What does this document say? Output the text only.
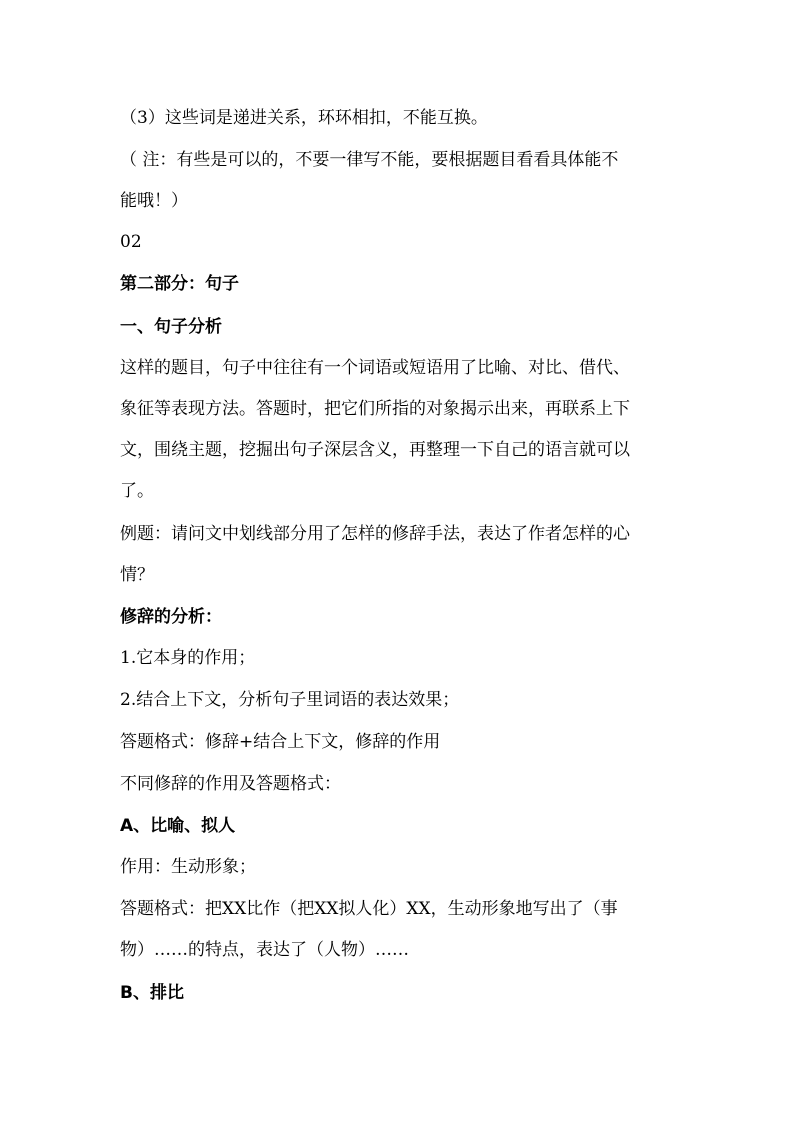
（3）这些词是递进关系，环环相扣，不能互换。
（ 注：有些是可以的，不要一律写不能，要根据题目看看具体能不
能哦！）
02
第二部分：句子
一、句子分析
这样的题目，句子中往往有一个词语或短语用了比喻、对比、借代、
象征等表现方法。答题时，把它们所指的对象揭示出来，再联系上下
文，围绕主题，挖掘出句子深层含义，再整理一下自己的语言就可以
了。
例题：请问文中划线部分用了怎样的修辞手法，表达了作者怎样的心
情？
修辞的分析：
1.它本身的作用；
2.结合上下文，分析句子里词语的表达效果；
答题格式：修辞+结合上下文，修辞的作用
不同修辞的作用及答题格式：
A、比喻、拟人
作用：生动形象；
答题格式：把XX比作（把XX拟人化）XX，生动形象地写出了（事
物）……的特点，表达了（人物）……
B、排比
